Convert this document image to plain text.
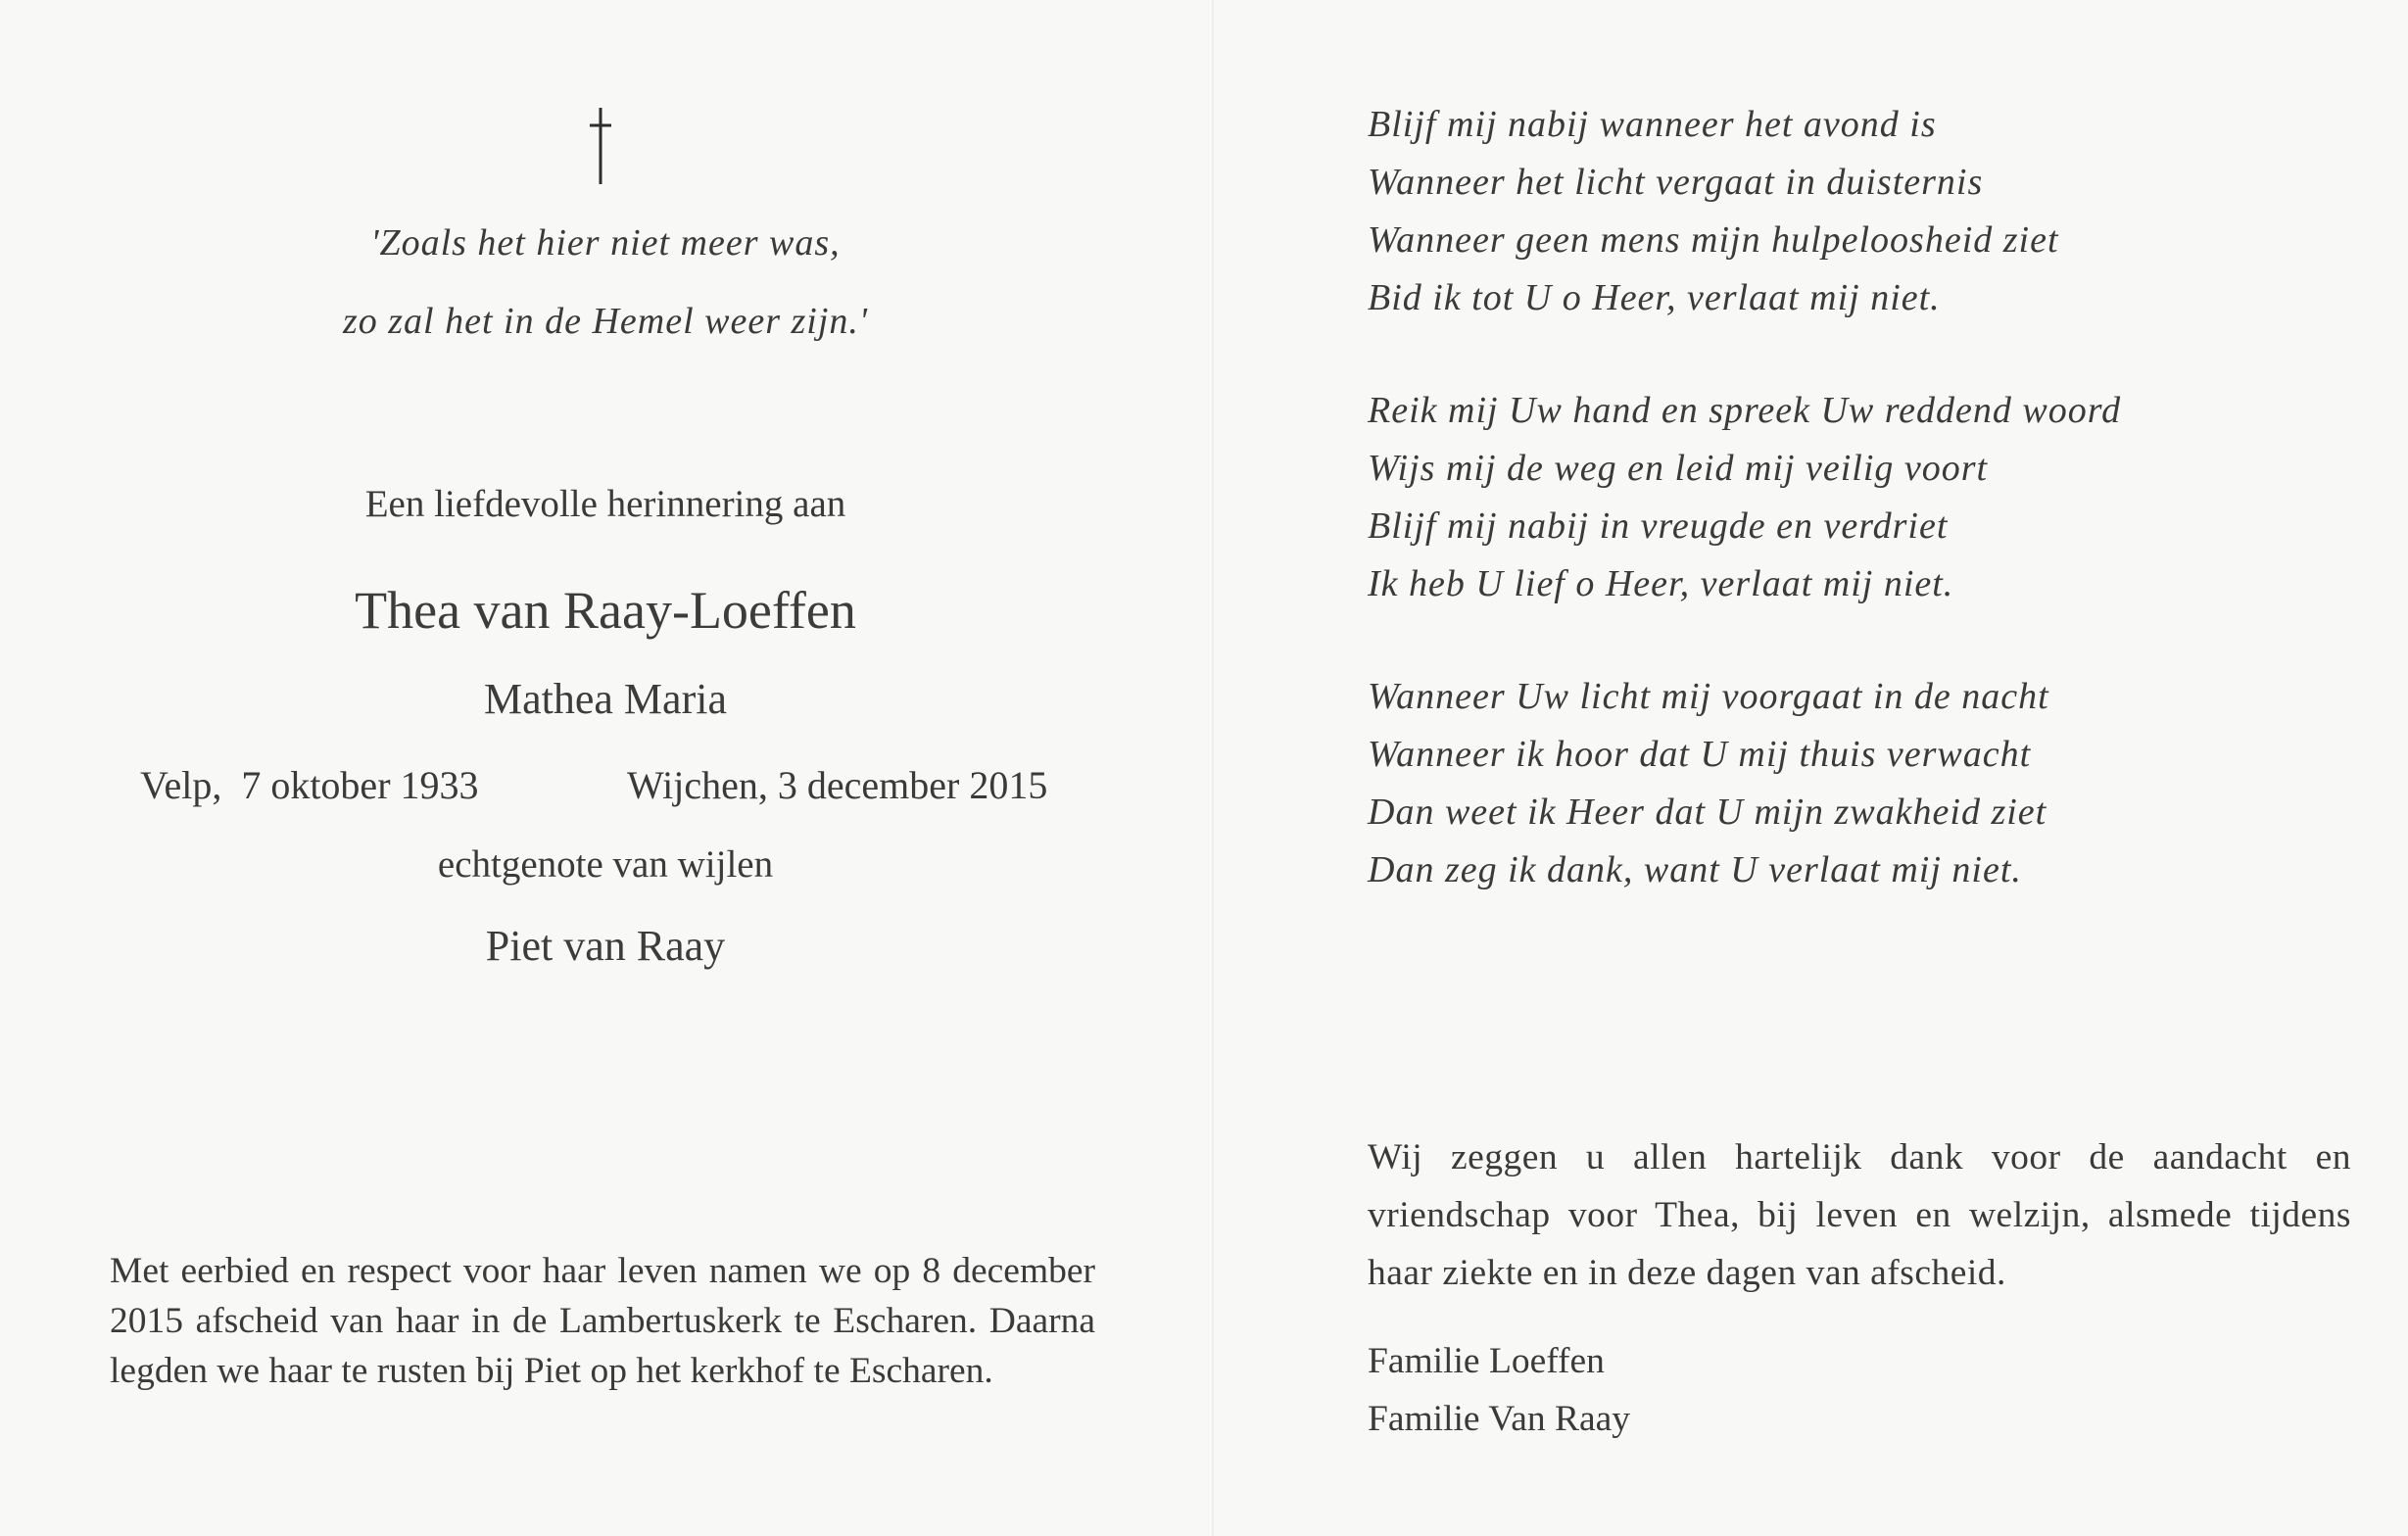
'Zoals het hier niet meer was,
zo zal het in de Hemel weer zijn.'
Een liefdevolle herinnering aan
Thea van Raay-Loeffen
Mathea Maria
Velp,  7 oktober 1933	Wijchen, 3 december 2015
echtgenote van wijlen
Piet van Raay
Met eerbied en respect voor haar leven namen we op 8 december 2015 afscheid van haar in de Lambertuskerk te Escharen. Daarna legden we haar te rusten bij Piet op het kerkhof te Escharen.
Blijf mij nabij wanneer het avond is
Wanneer het licht vergaat in duisternis
Wanneer geen mens mijn hulpeloosheid ziet
Bid ik tot U o Heer, verlaat mij niet.
Reik mij Uw hand en spreek Uw reddend woord
Wijs mij de weg en leid mij veilig voort
Blijf mij nabij in vreugde en verdriet
Ik heb U lief o Heer, verlaat mij niet.
Wanneer Uw licht mij voorgaat in de nacht
Wanneer ik hoor dat U mij thuis verwacht
Dan weet ik Heer dat U mijn zwakheid ziet
Dan zeg ik dank, want U verlaat mij niet.
Wij zeggen u allen hartelijk dank voor de aandacht en vriendschap voor Thea, bij leven en welzijn, alsmede tijdens haar ziekte en in deze dagen van afscheid.
Familie Loeffen
Familie Van Raay
